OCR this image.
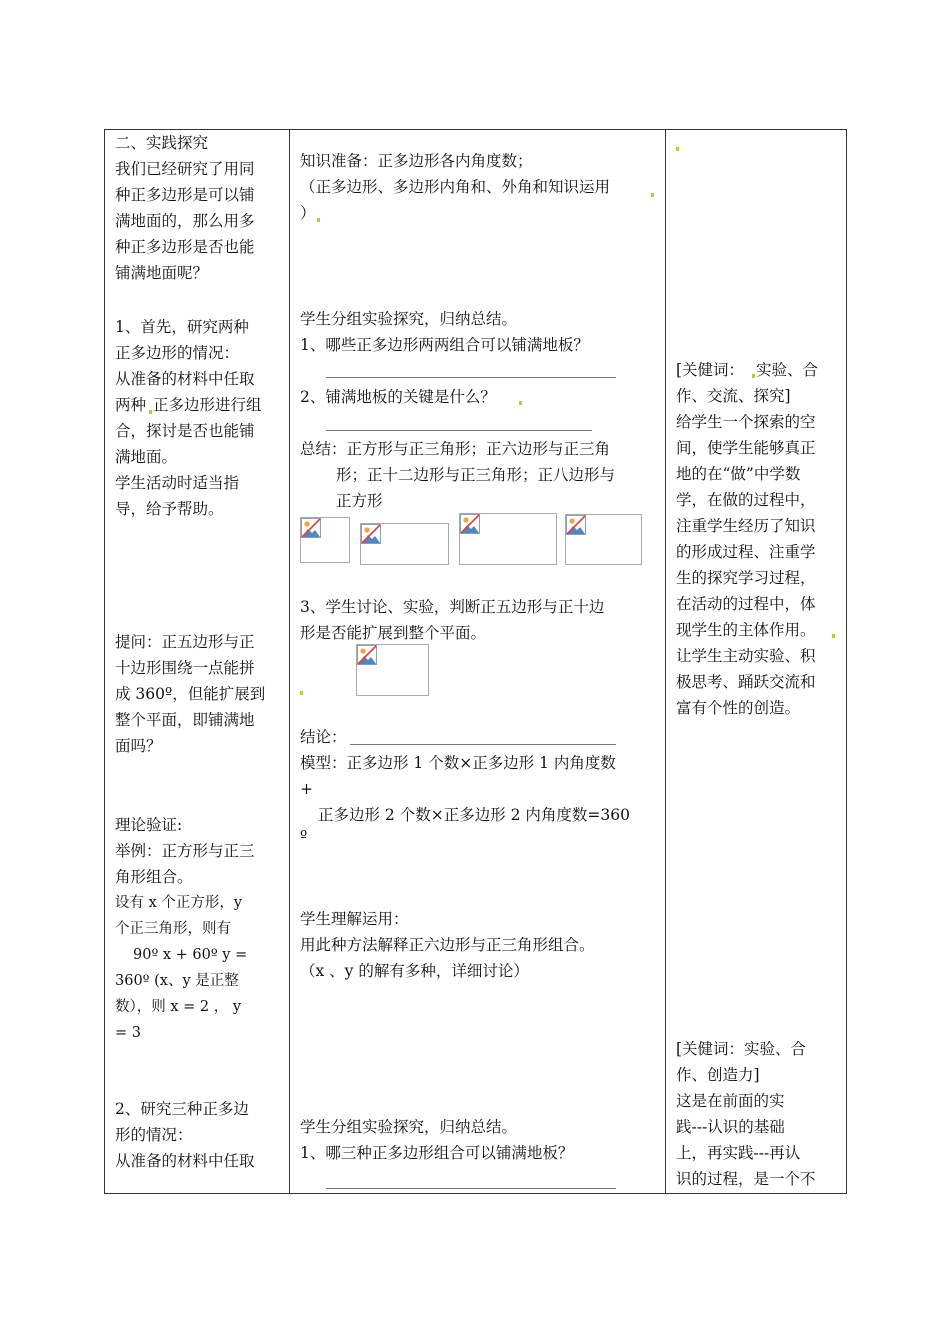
二、实践探究
我们已经研究了用同
种正多边形是可以铺
满地面的，那么用多
种正多边形是否也能
铺满地面呢？
1、首先，研究两种
正多边形的情况：
从准备的材料中任取
两种 正多边形进行组
合，探讨是否也能铺
满地面。
学生活动时适当指
导，给予帮助。
提问：正五边形与正
十边形围绕一点能拼
成 360º，但能扩展到
整个平面，即铺满地
面吗？
理论验证:
举例：正方形与正三
角形组合。
设有 x 个正方形，y
个正三角形，则有
90º x + 60º y =
360º (x、y 是正整
数），则 x = 2 ， y
= 3
2、研究三种正多边
形的情况：
从准备的材料中任取
知识准备：正多边形各内角度数；
（正多边形、多边形内角和、外角和知识运用
）
学生分组实验探究，归纳总结。
1、哪些正多边形两两组合可以铺满地板？
2、铺满地板的关键是什么？
总结：正方形与正三角形；正六边形与正三角
形；正十二边形与正三角形；正八边形与
正方形
3、学生讨论、实验，判断正五边形与正十边
形是否能扩展到整个平面。
结论：
模型：正多边形 1 个数×正多边形 1 内角度数
+
正多边形 2 个数×正多边形 2 内角度数=360
º
学生理解运用：
用此种方法解释正六边形与正三角形组合。
（x 、y 的解有多种，详细讨论）
学生分组实验探究，归纳总结。
1、哪三种正多边形组合可以铺满地板？
[关健词： 实验、合
作、交流、探究]
给学生一个探索的空
间，使学生能够真正
地的在“做”中学数
学，在做的过程中，
注重学生经历了知识
的形成过程、注重学
生的探究学习过程，
在活动的过程中，体
现学生的主体作用。
让学生主动实验、积
极思考、踊跃交流和
富有个性的创造。
[关健词：实验、合
作、创造力]
这是在前面的实
践---认识的基础
上，再实践---再认
识的过程，是一个不
